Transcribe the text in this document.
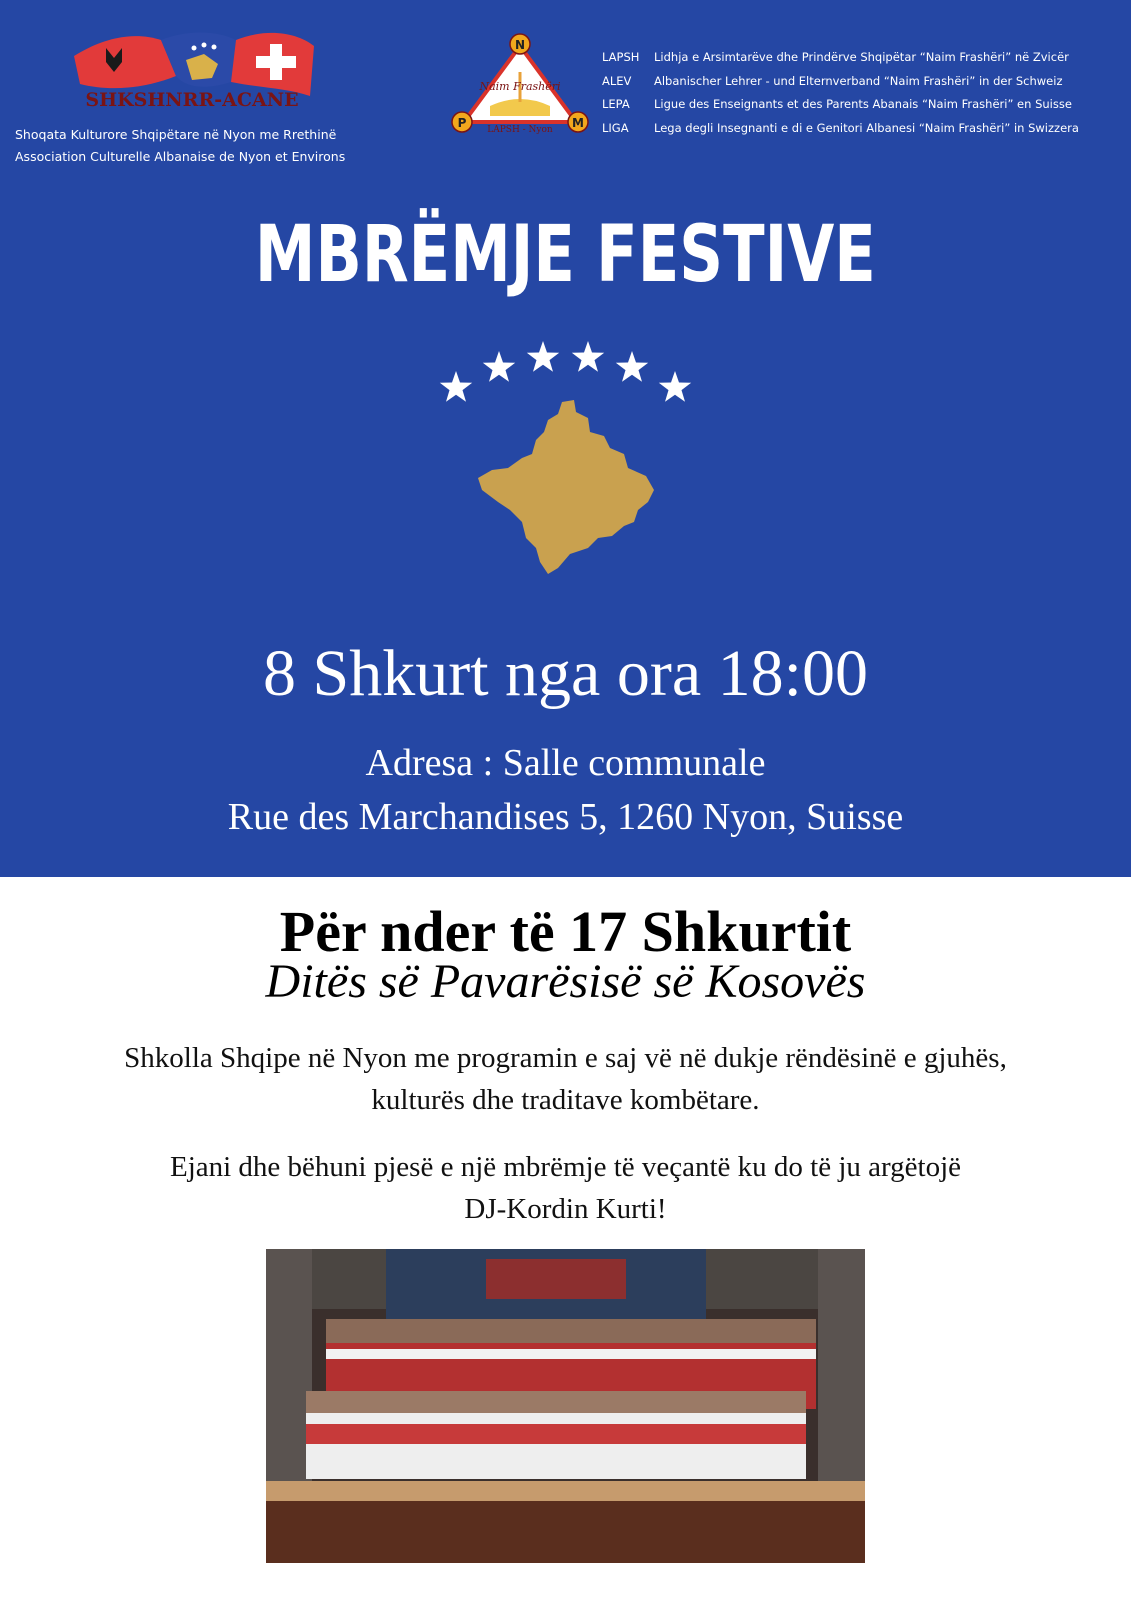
SHKSHNRR-ACANE
Shoqata Kulturore Shqipëtare në Nyon me Rrethinë
Association Culturelle Albanaise de Nyon et Environs
Naim Frashëri
LAPSH - Nyon
N
P	M
LAPSH	Lidhja e Arsimtarëve dhe Prindërve Shqipëtar “Naim Frashëri” në Zvicër
ALEV	Albanischer Lehrer - und Elternverband “Naim Frashëri” in der Schweiz
LEPA	Ligue des Enseignants et des Parents Abanais “Naim Frashëri” en Suisse
LIGA	Lega degli Insegnanti e di e Genitori Albanesi “Naim Frashëri” in Swizzera
MBRËMJE FESTIVE
8 Shkurt nga ora 18:00
Adresa : Salle communale
Rue des Marchandises 5, 1260 Nyon, Suisse
Për nder të 17 Shkurtit
Ditës së Pavarësisë së Kosovës
Shkolla Shqipe në Nyon me programin e saj vë në dukje rëndësinë e gjuhës,
kulturës dhe traditave kombëtare.
Ejani dhe bëhuni pjesë e një mbrëmje të veçantë ku do të ju argëtojë
DJ-Kordin Kurti!
